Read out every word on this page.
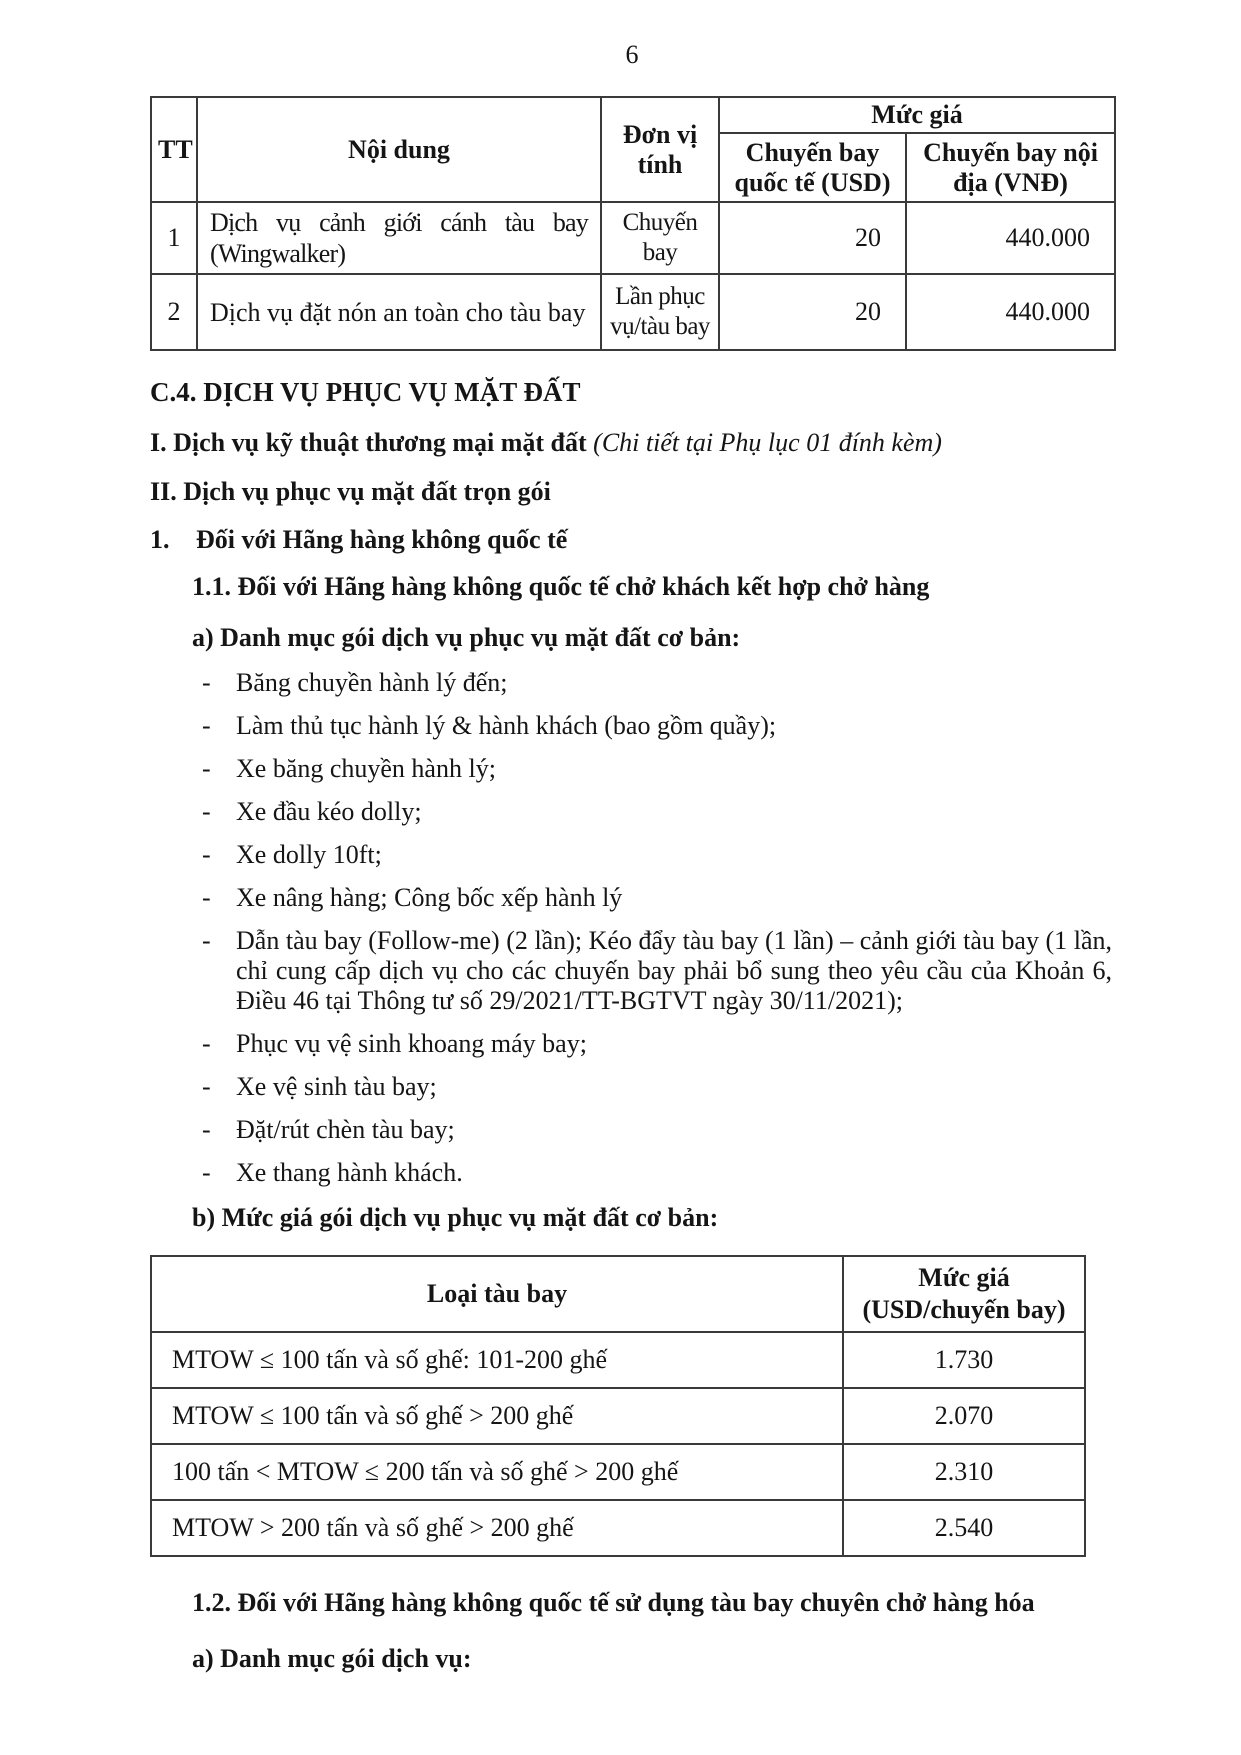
6
TT	Nội dung	Đơn vị tính	Mức giá	
			Chuyến bay quốc tế (USD)	Chuyến bay nội địa (VNĐ)
1	Dịch vụ cảnh giới cánh tàu bay (Wingwalker)	Chuyến bay	20	440.000
2	Dịch vụ đặt nón an toàn cho tàu bay	Lần phục vụ/tàu bay	20	440.000
C.4. DỊCH VỤ PHỤC VỤ MẶT ĐẤT
I. Dịch vụ kỹ thuật thương mại mặt đất (Chi tiết tại Phụ lục 01 đính kèm)
II. Dịch vụ phục vụ mặt đất trọn gói
1. Đối với Hãng hàng không quốc tế
1.1. Đối với Hãng hàng không quốc tế chở khách kết hợp chở hàng
a) Danh mục gói dịch vụ phục vụ mặt đất cơ bản:
- Băng chuyền hành lý đến;
- Làm thủ tục hành lý & hành khách (bao gồm quầy);
- Xe băng chuyền hành lý;
- Xe đầu kéo dolly;
- Xe dolly 10ft;
- Xe nâng hàng; Công bốc xếp hành lý
- Dẫn tàu bay (Follow-me) (2 lần); Kéo đẩy tàu bay (1 lần) – cảnh giới tàu bay (1 lần, chỉ cung cấp dịch vụ cho các chuyến bay phải bổ sung theo yêu cầu của Khoản 6, Điều 46 tại Thông tư số 29/2021/TT-BGTVT ngày 30/11/2021);
- Phục vụ vệ sinh khoang máy bay;
- Xe vệ sinh tàu bay;
- Đặt/rút chèn tàu bay;
- Xe thang hành khách.
b) Mức giá gói dịch vụ phục vụ mặt đất cơ bản:
Loại tàu bay	Mức giá
(USD/chuyến bay)

MTOW ≤ 100 tấn và số ghế: 101-200 ghế	1.730
MTOW ≤ 100 tấn và số ghế > 200 ghế	2.070
100 tấn < MTOW ≤ 200 tấn và số ghế > 200 ghế	2.310
MTOW > 200 tấn và số ghế > 200 ghế	2.540
1.2. Đối với Hãng hàng không quốc tế sử dụng tàu bay chuyên chở hàng hóa
a) Danh mục gói dịch vụ:
